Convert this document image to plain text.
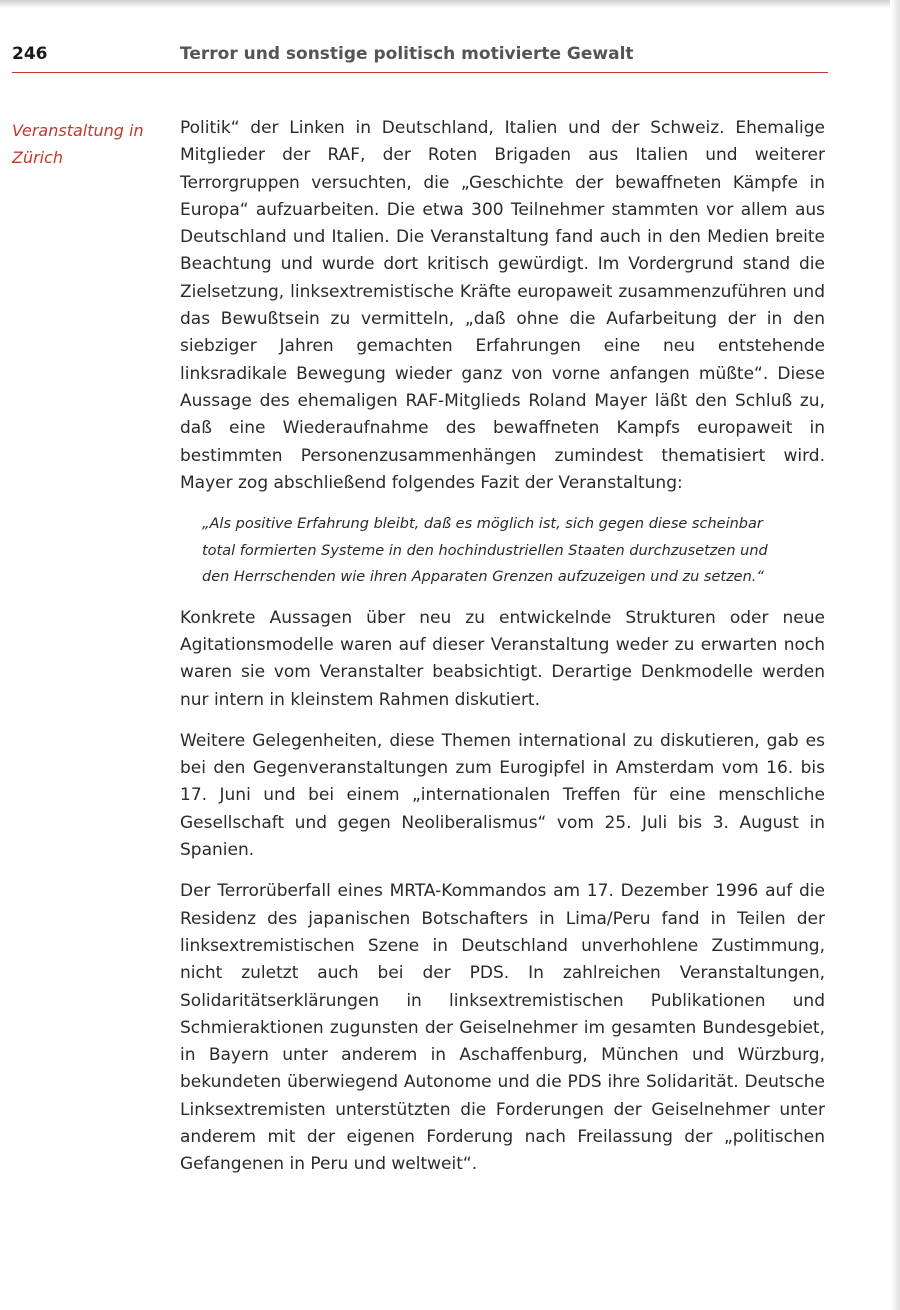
246	Terror und sonstige politisch motivierte Gewalt
Veranstaltung in
Zürich

Politik“ der Linken in Deutschland, Italien und der Schweiz. Ehemalige Mitglieder der RAF, der Roten Brigaden aus Italien und weiterer Terrorgruppen versuchten, die „Geschichte der bewaffneten Kämpfe in Europa“ aufzuarbeiten. Die etwa 300 Teilnehmer stammten vor allem aus Deutschland und Italien. Die Veranstaltung fand auch in den Medien breite Beachtung und wurde dort kritisch gewürdigt. Im Vordergrund stand die Zielsetzung, linksextremistische Kräfte europaweit zusammenzuführen und das Bewußtsein zu vermitteln, „daß ohne die Aufarbeitung der in den siebziger Jahren gemachten Erfahrungen eine neu entstehende linksradikale Bewegung wieder ganz von vorne anfangen müßte“. Diese Aussage des ehemaligen RAF-Mitglieds Roland Mayer läßt den Schluß zu, daß eine Wiederaufnahme des bewaffneten Kampfs europaweit in bestimmten Personenzusammenhängen zumindest thematisiert wird. Mayer zog abschließend folgendes Fazit der Veranstaltung:

„Als positive Erfahrung bleibt, daß es möglich ist, sich gegen diese scheinbar total formierten Systeme in den hochindustriellen Staaten durchzusetzen und den Herrschenden wie ihren Apparaten Grenzen aufzuzeigen und zu setzen.“

Konkrete Aussagen über neu zu entwickelnde Strukturen oder neue Agitationsmodelle waren auf dieser Veranstaltung weder zu erwarten noch waren sie vom Veranstalter beabsichtigt. Derartige Denkmodelle werden nur intern in kleinstem Rahmen diskutiert.

Weitere Gelegenheiten, diese Themen international zu diskutieren, gab es bei den Gegenveranstaltungen zum Eurogipfel in Amsterdam vom 16. bis 17. Juni und bei einem „internationalen Treffen für eine menschliche Gesellschaft und gegen Neoliberalismus“ vom 25. Juli bis 3. August in Spanien.

Der Terrorüberfall eines MRTA-Kommandos am 17. Dezember 1996 auf die Residenz des japanischen Botschafters in Lima/Peru fand in Teilen der linksextremistischen Szene in Deutschland unverhohlene Zustimmung, nicht zuletzt auch bei der PDS. In zahlreichen Veranstaltungen, Solidaritätserklärungen in linksextremistischen Publikationen und Schmieraktionen zugunsten der Geiselnehmer im gesamten Bundesgebiet, in Bayern unter anderem in Aschaffenburg, München und Würzburg, bekundeten überwiegend Autonome und die PDS ihre Solidarität. Deutsche Linksextremisten unterstützten die Forderungen der Geiselnehmer unter anderem mit der eigenen Forderung nach Freilassung der „politischen Gefangenen in Peru und weltweit“.
